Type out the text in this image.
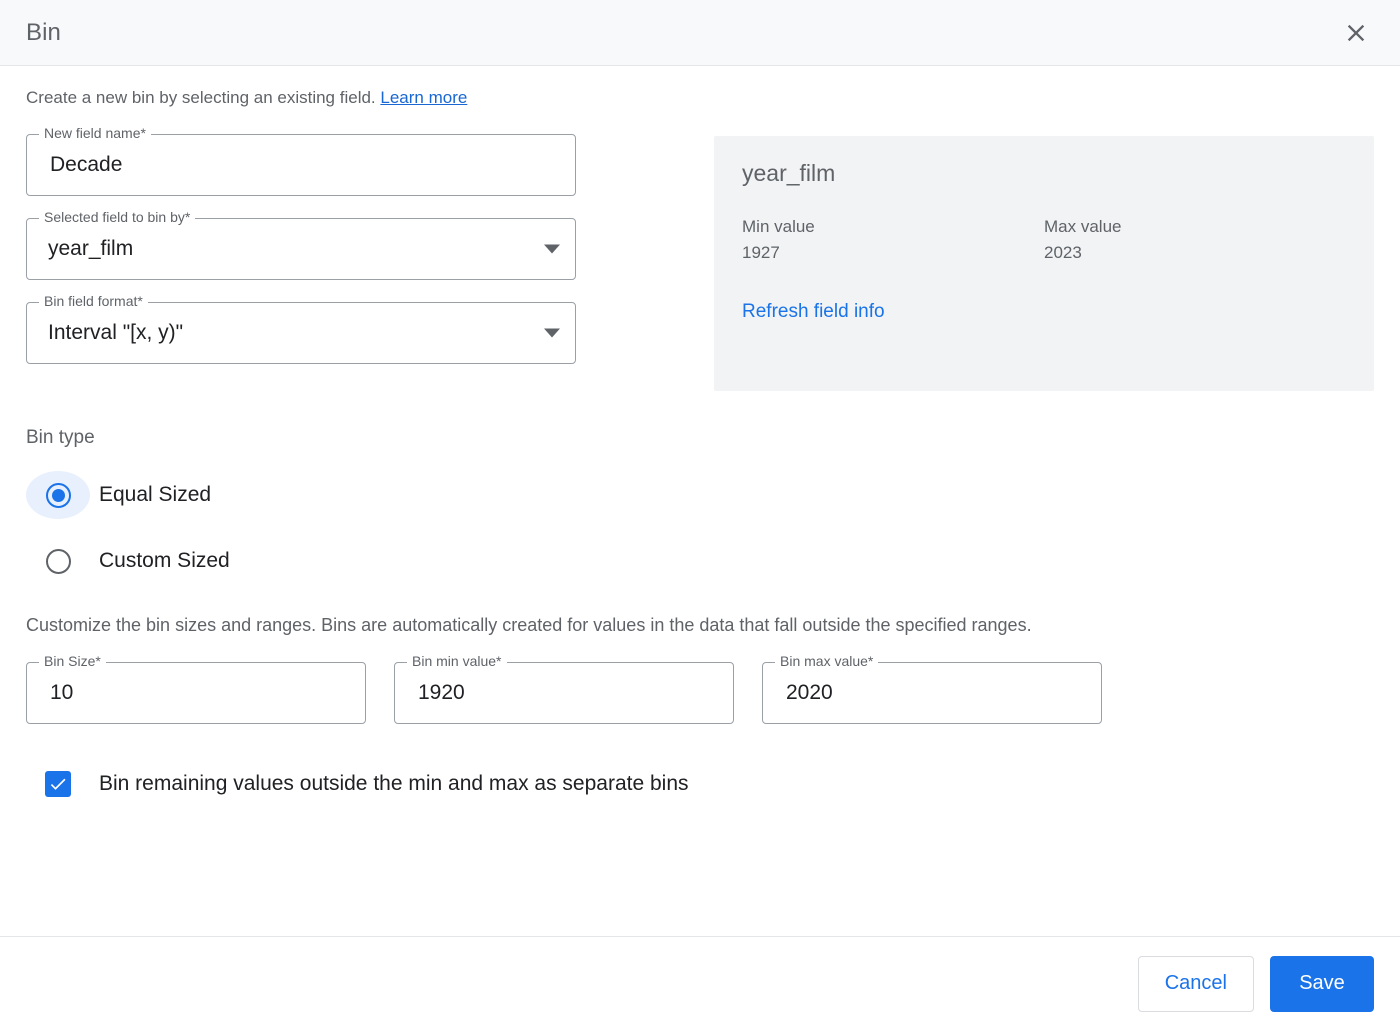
Bin
Create a new bin by selecting an existing field. Learn more
New field name*
Decade
Selected field to bin by*
year_film
Bin field format*
Interval "[x, y)"
year_film
Min value
1927
Max value
2023
Refresh field info
Bin type
Equal Sized
Custom Sized
Customize the bin sizes and ranges. Bins are automatically created for values in the data that fall outside the specified ranges.
Bin Size*
10	Bin min value*
1920	Bin max value*
2020
Bin remaining values outside the min and max as separate bins
Cancel	Save
